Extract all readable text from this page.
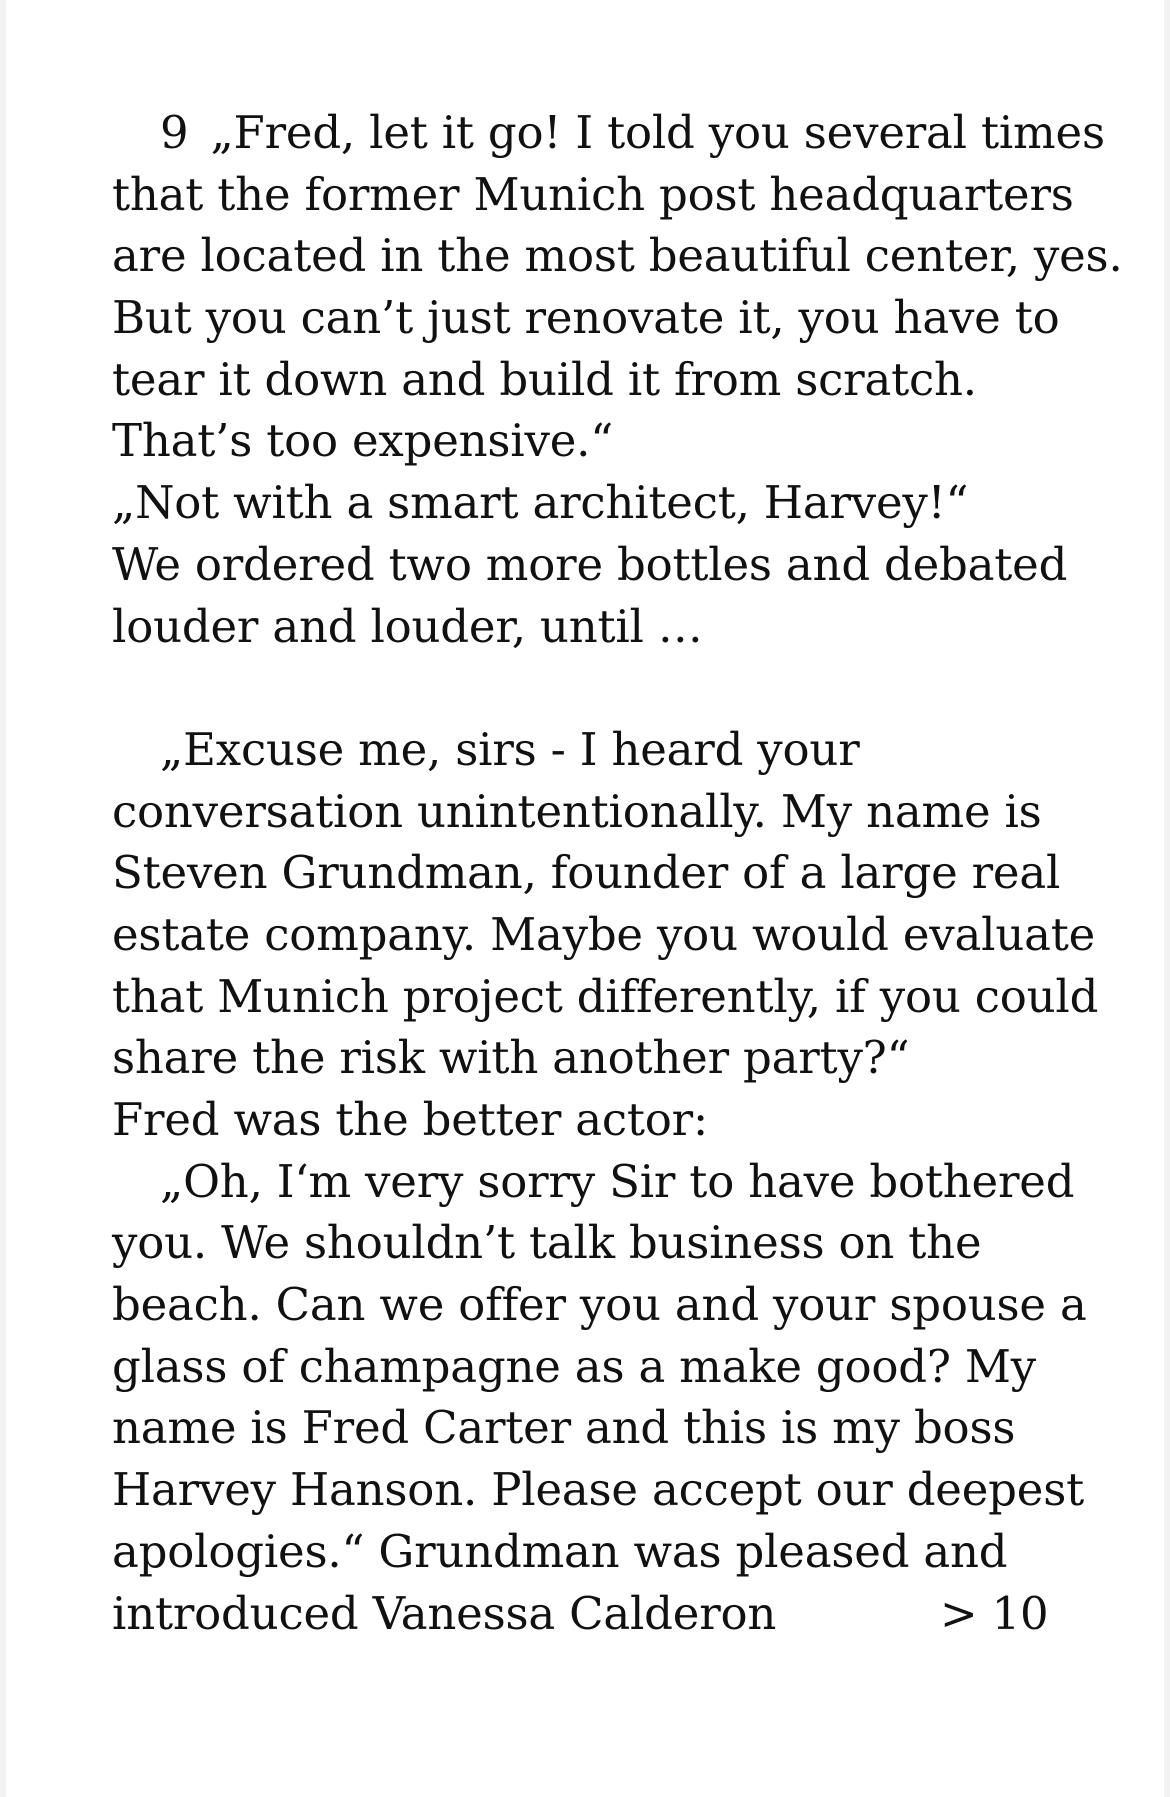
9 „Fred, let it go! I told you several times
that the former Munich post headquarters
are located in the most beautiful center, yes.
But you can’t just renovate it, you have to
tear it down and build it from scratch.
That’s too expensive.“
„Not with a smart architect, Harvey!“
We ordered two more bottles and debated
louder and louder, until …
„Excuse me, sirs - I heard your
conversation unintentionally. My name is
Steven Grundman, founder of a large real
estate company. Maybe you would evaluate
that Munich project differently, if you could
share the risk with another party?“
Fred was the better actor:
„Oh, I‘m very sorry Sir to have bothered
you. We shouldn’t talk business on the
beach. Can we offer you and your spouse a
glass of champagne as a make good? My
name is Fred Carter and this is my boss
Harvey Hanson. Please accept our deepest
apologies.“ Grundman was pleased and
introduced Vanessa Calderon	> 10
